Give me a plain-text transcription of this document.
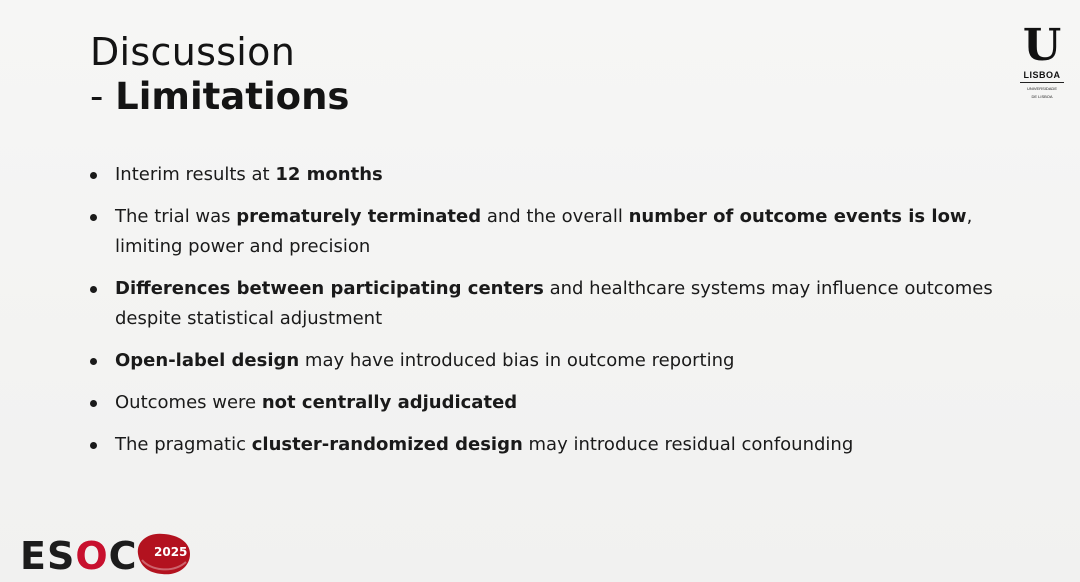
Discussion
- Limitations
U
LISBOA
UNIVERSIDADE
DE LISBOA
Interim results at 12 months
The trial was prematurely terminated and the overall number of outcome events is low, limiting power and precision
Differences between participating centers and healthcare systems may influence outcomes despite statistical adjustment
Open-label design may have introduced bias in outcome reporting
Outcomes were not centrally adjudicated
The pragmatic cluster-randomized design may introduce residual confounding
ESOC 2025
